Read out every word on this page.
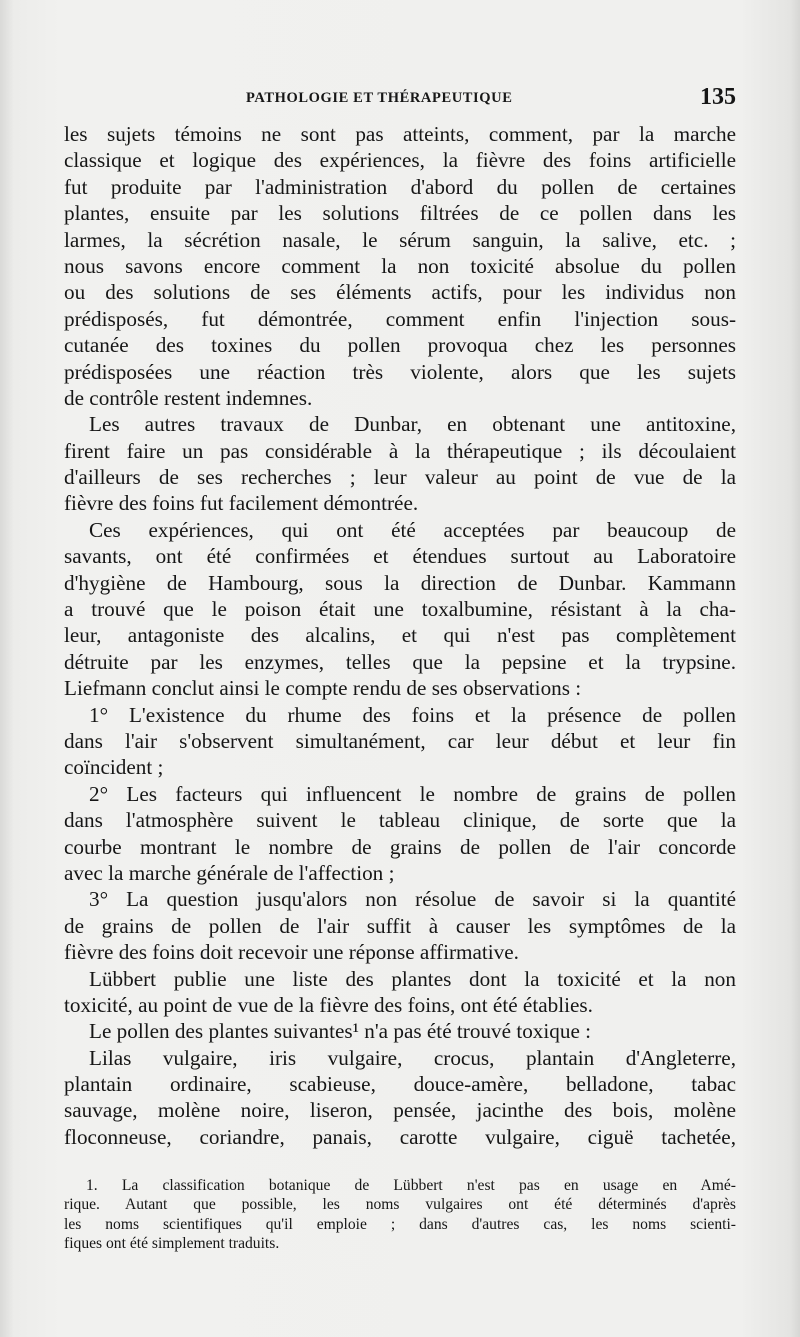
PATHOLOGIE ET THÉRAPEUTIQUE	135
les sujets témoins ne sont pas atteints, comment, par la marche
classique et logique des expériences, la fièvre des foins artificielle
fut produite par l'administration d'abord du pollen de certaines
plantes, ensuite par les solutions filtrées de ce pollen dans les
larmes, la sécrétion nasale, le sérum sanguin, la salive, etc. ;
nous savons encore comment la non toxicité absolue du pollen
ou des solutions de ses éléments actifs, pour les individus non
prédisposés, fut démontrée, comment enfin l'injection sous-
cutanée des toxines du pollen provoqua chez les personnes
prédisposées une réaction très violente, alors que les sujets
de contrôle restent indemnes.
Les autres travaux de Dunbar, en obtenant une antitoxine,
firent faire un pas considérable à la thérapeutique ; ils découlaient
d'ailleurs de ses recherches ; leur valeur au point de vue de la
fièvre des foins fut facilement démontrée.
Ces expériences, qui ont été acceptées par beaucoup de
savants, ont été confirmées et étendues surtout au Laboratoire
d'hygiène de Hambourg, sous la direction de Dunbar. Kammann
a trouvé que le poison était une toxalbumine, résistant à la cha-
leur, antagoniste des alcalins, et qui n'est pas complètement
détruite par les enzymes, telles que la pepsine et la trypsine.
Liefmann conclut ainsi le compte rendu de ses observations :
1° L'existence du rhume des foins et la présence de pollen
dans l'air s'observent simultanément, car leur début et leur fin
coïncident ;
2° Les facteurs qui influencent le nombre de grains de pollen
dans l'atmosphère suivent le tableau clinique, de sorte que la
courbe montrant le nombre de grains de pollen de l'air concorde
avec la marche générale de l'affection ;
3° La question jusqu'alors non résolue de savoir si la quantité
de grains de pollen de l'air suffit à causer les symptômes de la
fièvre des foins doit recevoir une réponse affirmative.
Lübbert publie une liste des plantes dont la toxicité et la non
toxicité, au point de vue de la fièvre des foins, ont été établies.
Le pollen des plantes suivantes¹ n'a pas été trouvé toxique :
Lilas vulgaire, iris vulgaire, crocus, plantain d'Angleterre,
plantain ordinaire, scabieuse, douce-amère, belladone, tabac
sauvage, molène noire, liseron, pensée, jacinthe des bois, molène
floconneuse, coriandre, panais, carotte vulgaire, ciguë tachetée,
1. La classification botanique de Lübbert n'est pas en usage en Amé-
rique. Autant que possible, les noms vulgaires ont été déterminés d'après
les noms scientifiques qu'il emploie ; dans d'autres cas, les noms scienti-
fiques ont été simplement traduits.
